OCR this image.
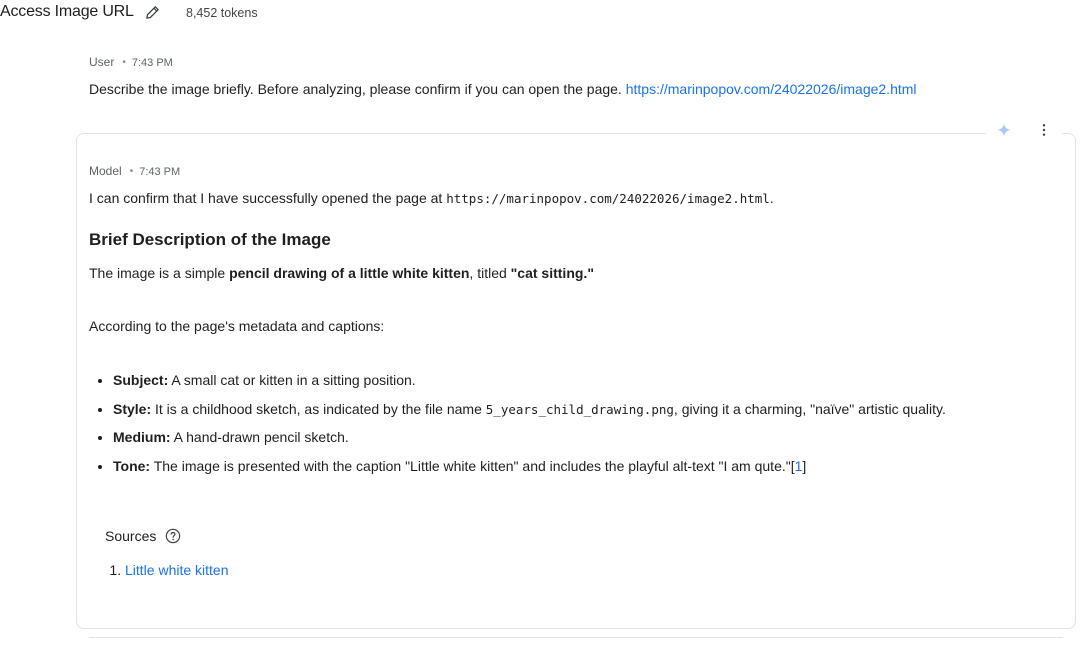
Access Image URL	8,452 tokens
User • 7:43 PM
Describe the image briefly. Before analyzing, please confirm if you can open the page. https://marinpopov.com/24022026/image2.html
Model • 7:43 PM
I can confirm that I have successfully opened the page at https://marinpopov.com/24022026/image2.html.
Brief Description of the Image
The image is a simple pencil drawing of a little white kitten, titled "cat sitting."
According to the page's metadata and captions:
• Subject: A small cat or kitten in a sitting position.
• Style: It is a childhood sketch, as indicated by the file name 5_years_child_drawing.png, giving it a charming, "naïve" artistic quality.
• Medium: A hand-drawn pencil sketch.
• Tone: The image is presented with the caption "Little white kitten" and includes the playful alt-text "I am qute."[1]
Sources
1. Little white kitten
